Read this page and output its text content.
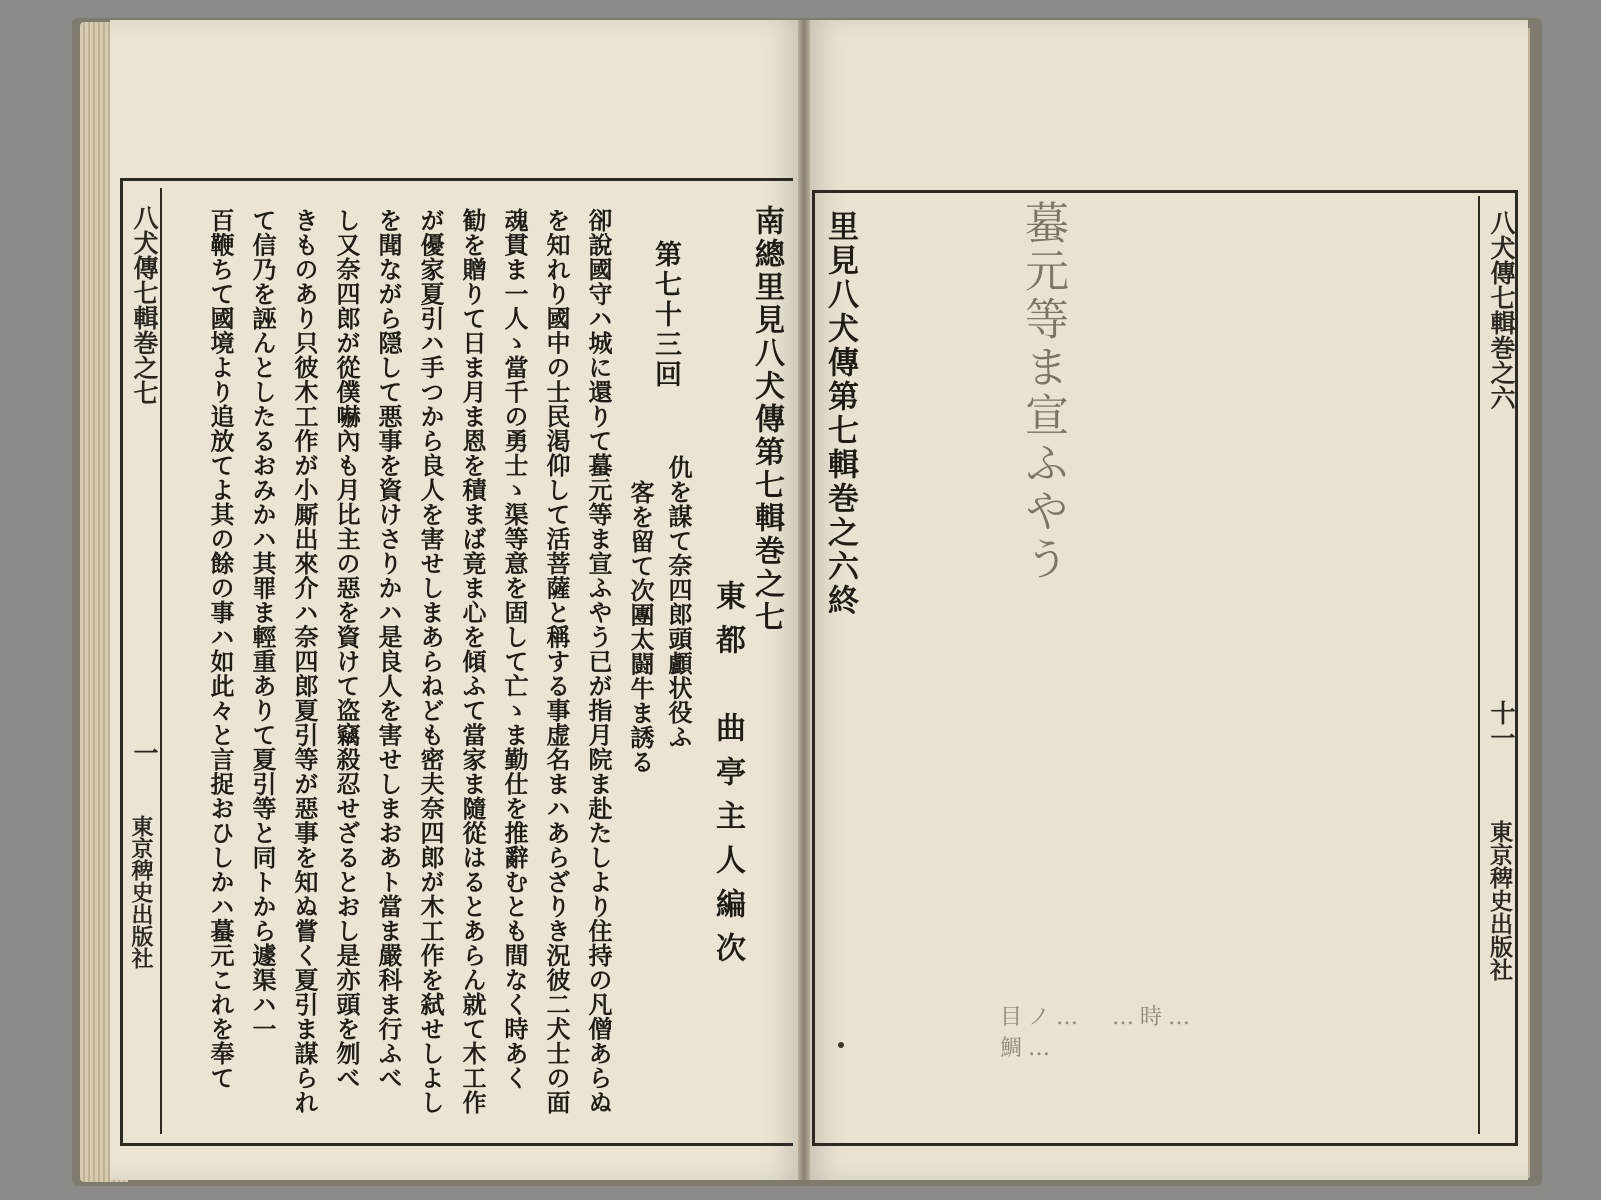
八犬傳七輯巻之七
一
東京稗史出版社
南總里見八犬傳第七輯巻之七
東都　曲亭主人編次
第七十三回
仇を謀て奈四郎頭顱状役ふ
客を留て次團太闘牛ま誘る
卻說國守ハ城に還りて蟇元等ま宣ふやう已が指月院ま赴たしより住持の凡僧あらぬ
を知れり國中の士民渇仰して活菩薩と稱する事虚名まハあらざりき況彼二犬士の面
魂貫ま一人ゝ當千の勇士ゝ渠等意を固して亡ゝま勤仕を推辭むとも間なく時あく
勧を贈りて日ま月ま恩を積まば竟ま心を傾ふて當家ま隨從はるとあらん就て木工作
が優家夏引ハ手つから良人を害せしまあらねども密夫奈四郎が木工作を弑せしよし
を聞ながら隠して悪事を資けさりかハ是良人を害せしまおあト當ま嚴科ま行ふべ
し又奈四郎が從僕嚇內も月比主の惡を資けて盗竊殺忍せざるとおし是亦頭を刎べ
きものあり只彼木工作が小厮出來介ハ奈四郎夏引等が惡事を知ぬ嘗く夏引ま謀られ
て信乃を誣んとしたるおみかハ其罪ま輕重ありて夏引等と同トから遽渠ハ一
百鞭ちて國境より追放てよ其の餘の事ハ如此々と言捉おひしかハ蟇元これを奉て	里見八犬傳第七輯巻之六終	蟇元等ま宣ふやう	八犬傳七輯巻之六
十一
東京稗史出版社
目ノ…　…時…鯛…
